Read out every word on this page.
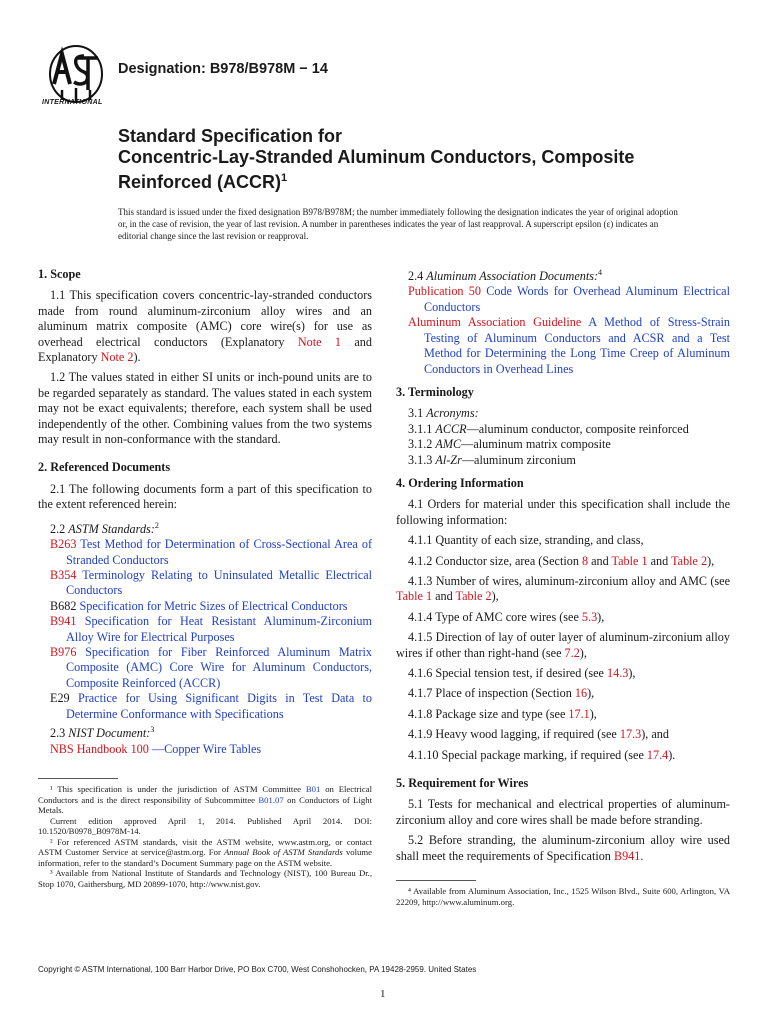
INTERNATIONAL
Designation: B978/B978M − 14
Standard Specification for
Concentric-Lay-Stranded Aluminum Conductors, Composite
Reinforced (ACCR)$^1$
This standard is issued under the fixed designation B978/B978M; the number immediately following the designation indicates the year of original adoption or, in the case of revision, the year of last revision. A number in parentheses indicates the year of last reapproval. A superscript epsilon (ε) indicates an editorial change since the last revision or reapproval.
1. Scope

1.1 This specification covers concentric-lay-stranded conductors made from round aluminum-zirconium alloy wires and an aluminum matrix composite (AMC) core wire(s) for use as overhead electrical conductors (Explanatory Note 1 and Explanatory Note 2).

1.2 The values stated in either SI units or inch-pound units are to be regarded separately as standard. The values stated in each system may not be exact equivalents; therefore, each system shall be used independently of the other. Combining values from the two systems may result in non-conformance with the standard.

2. Referenced Documents

2.1 The following documents form a part of this specification to the extent referenced herein:

2.2 ASTM Standards:$^2$

B263 Test Method for Determination of Cross-Sectional Area of Stranded Conductors

B354 Terminology Relating to Uninsulated Metallic Electrical Conductors

B682 Specification for Metric Sizes of Electrical Conductors

B941 Specification for Heat Resistant Aluminum-Zirconium Alloy Wire for Electrical Purposes

B976 Specification for Fiber Reinforced Aluminum Matrix Composite (AMC) Core Wire for Aluminum Conductors, Composite Reinforced (ACCR)

E29 Practice for Using Significant Digits in Test Data to Determine Conformance with Specifications

2.3 NIST Document:$^3$

NBS Handbook 100 —Copper Wire Tables

¹ This specification is under the jurisdiction of ASTM Committee B01 on Electrical Conductors and is the direct responsibility of Subcommittee B01.07 on Conductors of Light Metals.

Current edition approved April 1, 2014. Published April 2014. DOI: 10.1520/B0978_B0978M-14.

² For referenced ASTM standards, visit the ASTM website, www.astm.org, or contact ASTM Customer Service at service@astm.org. For Annual Book of ASTM Standards volume information, refer to the standard’s Document Summary page on the ASTM website.

³ Available from National Institute of Standards and Technology (NIST), 100 Bureau Dr., Stop 1070, Gaithersburg, MD 20899-1070, http://www.nist.gov.

2.4 Aluminum Association Documents:$^4$

Publication 50 Code Words for Overhead Aluminum Electrical Conductors

Aluminum Association Guideline A Method of Stress-Strain Testing of Aluminum Conductors and ACSR and a Test Method for Determining the Long Time Creep of Aluminum Conductors in Overhead Lines

3. Terminology

3.1 Acronyms:

3.1.1 ACCR—aluminum conductor, composite reinforced

3.1.2 AMC—aluminum matrix composite

3.1.3 Al-Zr—aluminum zirconium

4. Ordering Information

4.1 Orders for material under this specification shall include the following information:

4.1.1 Quantity of each size, stranding, and class,

4.1.2 Conductor size, area (Section 8 and Table 1 and Table 2),

4.1.3 Number of wires, aluminum-zirconium alloy and AMC (see Table 1 and Table 2),

4.1.4 Type of AMC core wires (see 5.3),

4.1.5 Direction of lay of outer layer of aluminum-zirconium alloy wires if other than right-hand (see 7.2),

4.1.6 Special tension test, if desired (see 14.3),

4.1.7 Place of inspection (Section 16),

4.1.8 Package size and type (see 17.1),

4.1.9 Heavy wood lagging, if required (see 17.3), and

4.1.10 Special package marking, if required (see 17.4).

5. Requirement for Wires

5.1 Tests for mechanical and electrical properties of aluminum-zirconium alloy and core wires shall be made before stranding.

5.2 Before stranding, the aluminum-zirconium alloy wire used shall meet the requirements of Specification B941.

⁴ Available from Aluminum Association, Inc., 1525 Wilson Blvd., Suite 600, Arlington, VA 22209, http://www.aluminum.org.

Copyright © ASTM International, 100 Barr Harbor Drive, PO Box C700, West Conshohocken, PA 19428-2959. United States
1
